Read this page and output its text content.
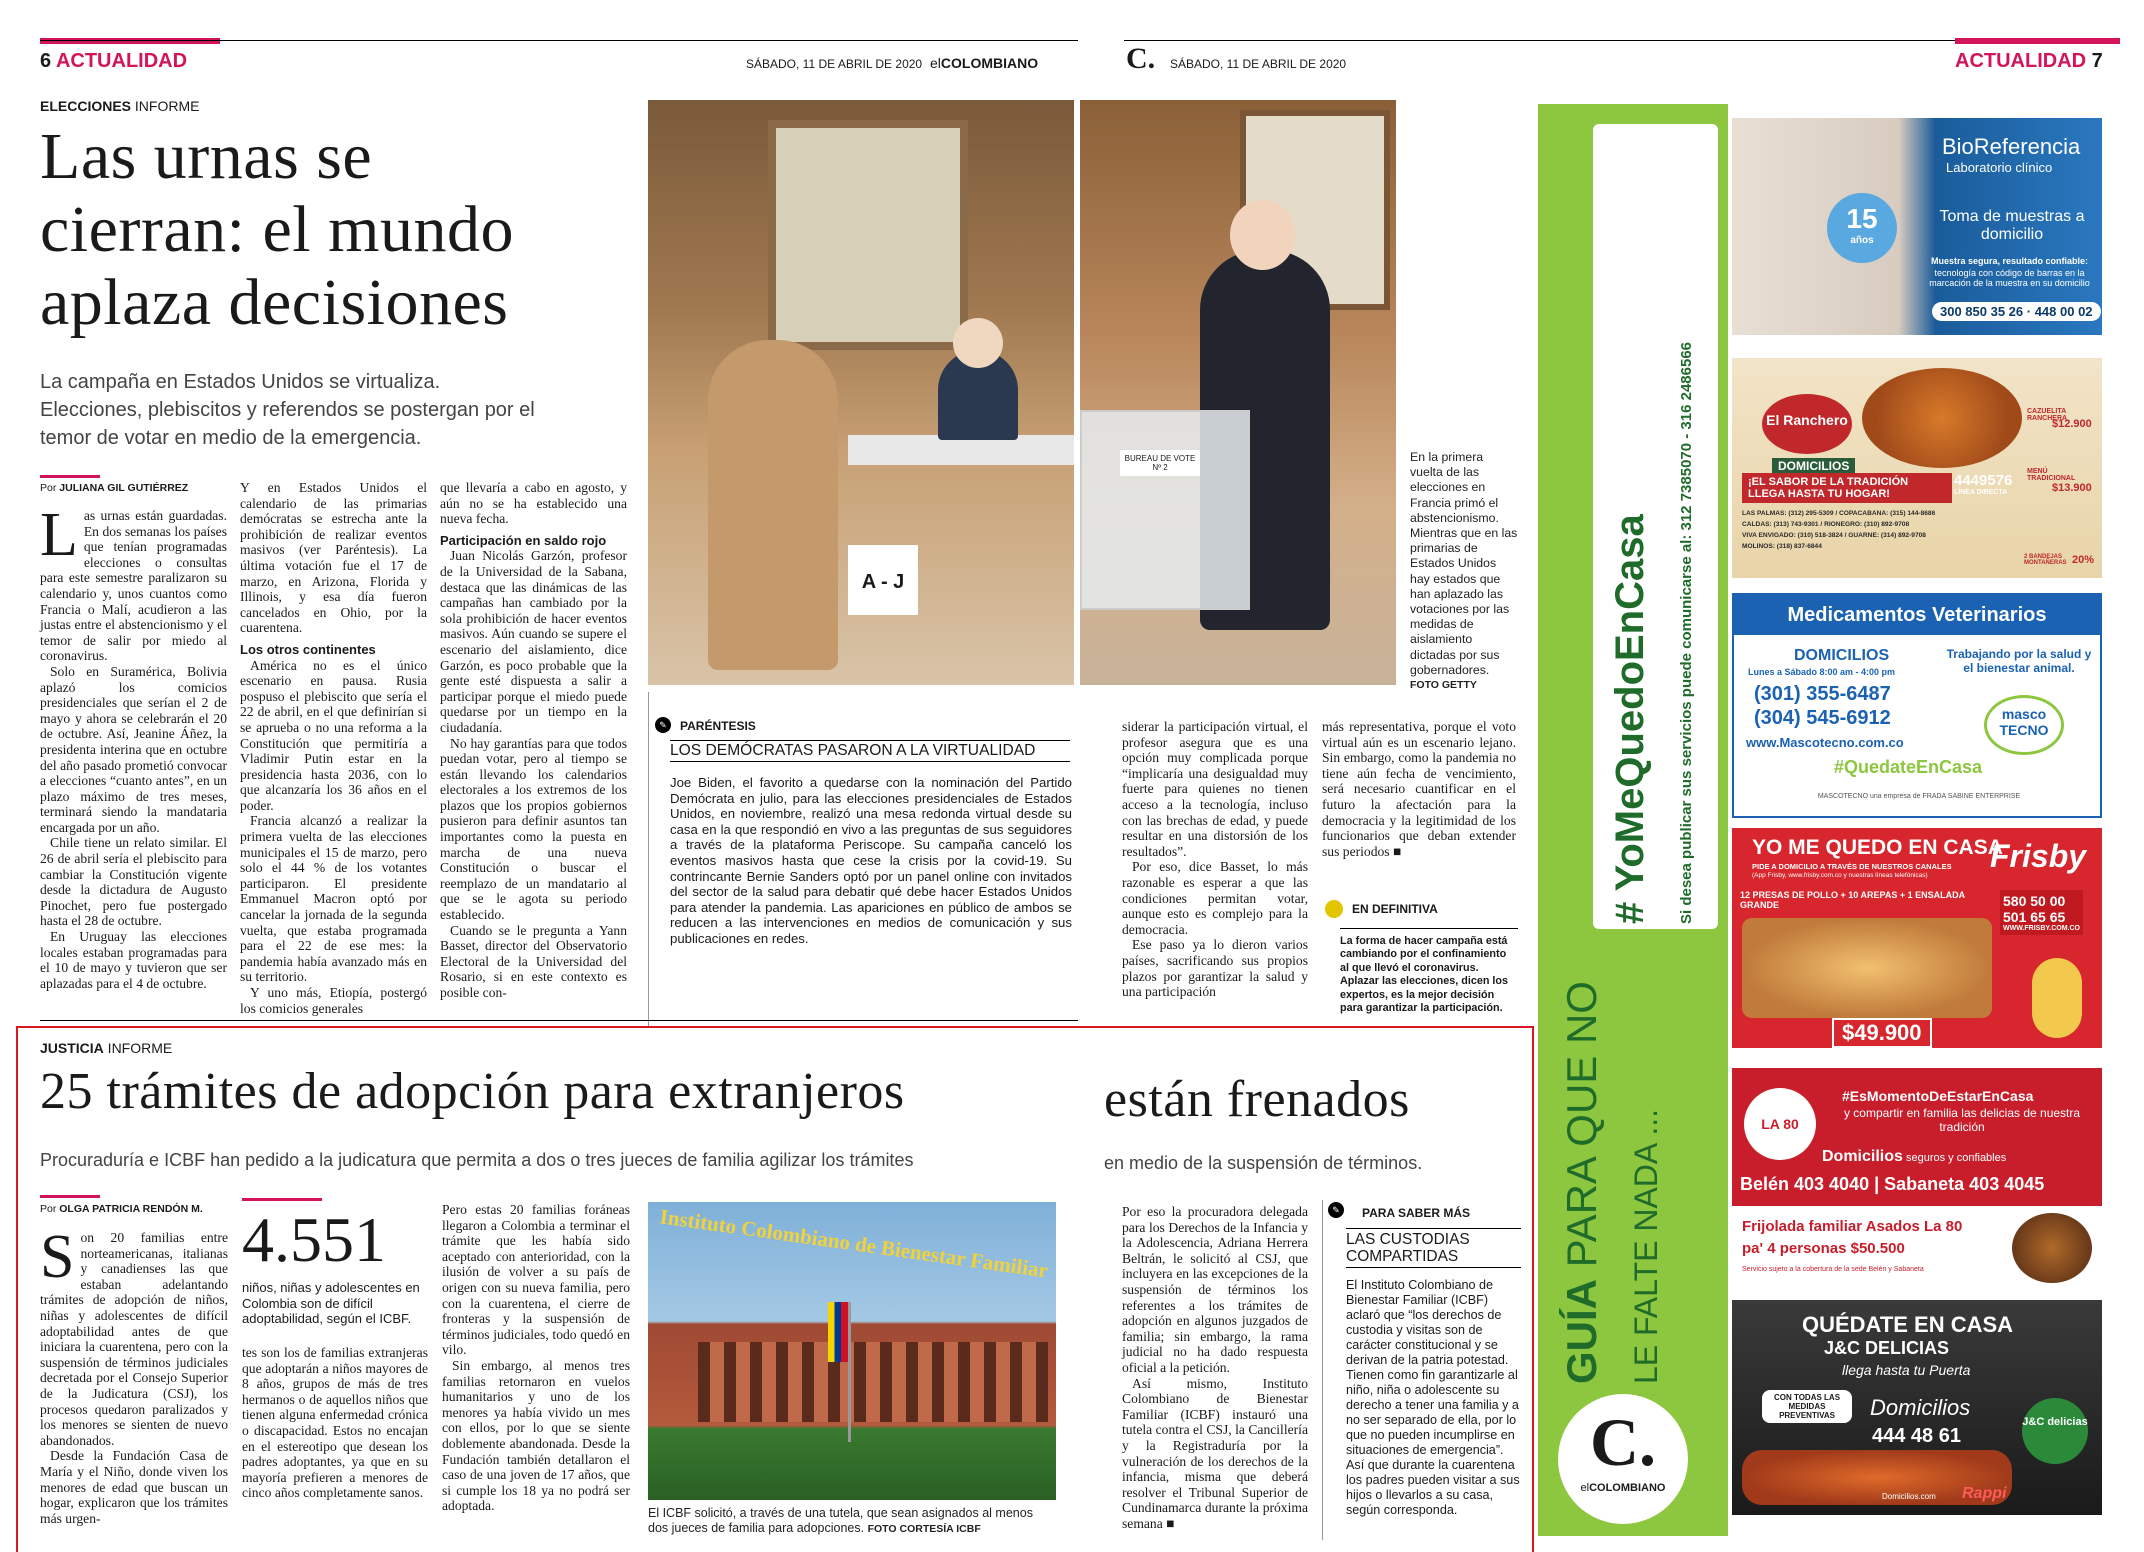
6 ACTUALIDAD	SÁBADO, 11 DE ABRIL DE 2020 elCOLOMBIANO	C. SÁBADO, 11 DE ABRIL DE 2020	ACTUALIDAD 7
ELECCIONES INFORME
Las urnas se
cierran: el mundo
aplaza decisiones
La campaña en Estados Unidos se virtualiza.
Elecciones, plebiscitos y referendos se postergan por el
temor de votar en medio de la emergencia.
Por JULIANA GIL GUTIÉRREZ

Las urnas están guardadas. En dos semanas los países que tenían programadas elecciones o consultas para este semestre paralizaron su calendario y, unos cuantos como Francia o Malí, acudieron a las justas entre el abstencionismo y el temor de salir por miedo al coronavirus.

Solo en Suramérica, Bolivia aplazó los comicios presidenciales que serían el 2 de mayo y ahora se celebrarán el 20 de octubre. Así, Jeanine Áñez, la presidenta interina que en octubre del año pasado prometió convocar a elecciones “cuanto antes”, en un plazo máximo de tres meses, terminará siendo la mandataria encargada por un año.

Chile tiene un relato similar. El 26 de abril sería el plebiscito para cambiar la Constitución vigente desde la dictadura de Augusto Pinochet, pero fue postergado hasta el 28 de octubre.

En Uruguay las elecciones locales estaban programadas para el 10 de mayo y tuvieron que ser aplazadas para el 4 de octubre.

Y en Estados Unidos el calendario de las primarias demócratas se estrecha ante la prohibición de realizar eventos masivos (ver Paréntesis). La última votación fue el 17 de marzo, en Arizona, Florida y Illinois, y esa día fueron cancelados en Ohio, por la cuarentena.

Los otros continentes

América no es el único escenario en pausa. Rusia pospuso el plebiscito que sería el 22 de abril, en el que definirían si se aprueba o no una reforma a la Constitución que permitiría a Vladimir Putin estar en la presidencia hasta 2036, con lo que alcanzaría los 36 años en el poder.

Francia alcanzó a realizar la primera vuelta de las elecciones municipales el 15 de marzo, pero solo el 44 % de los votantes participaron. El presidente Emmanuel Macron optó por cancelar la jornada de la segunda vuelta, que estaba programada para el 22 de ese mes: la pandemia había avanzado más en su territorio.

Y uno más, Etiopía, postergó los comicios generales

que llevaría a cabo en agosto, y aún no se ha establecido una nueva fecha.

Participación en saldo rojo

Juan Nicolás Garzón, profesor de la Universidad de la Sabana, destaca que las dinámicas de las campañas han cambiado por la sola prohibición de hacer eventos masivos. Aún cuando se supere el escenario del aislamiento, dice Garzón, es poco probable que la gente esté dispuesta a salir a participar porque el miedo puede quedarse por un tiempo en la ciudadanía.

No hay garantías para que todos puedan votar, pero al tiempo se están llevando los calendarios electorales a los extremos de los plazos que los propios gobiernos pusieron para definir asuntos tan importantes como la puesta en marcha de una nueva Constitución o buscar el reemplazo de un mandatario al que se le agota su periodo establecido.

Cuando se le pregunta a Yann Basset, director del Observatorio Electoral de la Universidad del Rosario, si en este contexto es posible con-

A - J
BUREAU DE VOTE Nº 2
En la primera vuelta de las elecciones en Francia primó el abstencionismo. Mientras que en las primarias de Estados Unidos hay estados que han aplazado las votaciones por las medidas de aislamiento dictadas por sus gobernadores.
FOTO GETTY
✎	PARÉNTESIS
LOS DEMÓCRATAS PASARON A LA VIRTUALIDAD
Joe Biden, el favorito a quedarse con la nominación del Partido Demócrata en julio, para las elecciones presidenciales de Estados Unidos, en noviembre, realizó una mesa redonda virtual desde su casa en la que respondió en vivo a las preguntas de sus seguidores a través de la plataforma Periscope. Su campaña canceló los eventos masivos hasta que cese la crisis por la covid-19. Su contrincante Bernie Sanders optó por un panel online con invitados del sector de la salud para debatir qué debe hacer Estados Unidos para atender la pandemia. Las apariciones en público de ambos se reducen a las intervenciones en medios de comunicación y sus publicaciones en redes.

siderar la participación virtual, el profesor asegura que es una opción muy complicada porque “implicaría una desigualdad muy fuerte para quienes no tienen acceso a la tecnología, incluso con las brechas de edad, y puede resultar en una distorsión de los resultados”.

Por eso, dice Basset, lo más razonable es esperar a que las condiciones permitan votar, aunque esto es complejo para la democracia.

Ese paso ya lo dieron varios países, sacrificando sus propios plazos por garantizar la salud y una participación

más representativa, porque el voto virtual aún es un escenario lejano. Sin embargo, como la pandemia no tiene aún fecha de vencimiento, será necesario cuantificar en el futuro la afectación para la democracia y la legitimidad de los funcionarios que deban extender sus periodos ■

EN DEFINITIVA
La forma de hacer campaña está cambiando por el confinamiento al que llevó el coronavirus. Aplazar las elecciones, dicen los expertos, es la mejor decisión para garantizar la participación.
JUSTICIA INFORME
25 trámites de adopción para extranjeros	están frenados
Procuraduría e ICBF han pedido a la judicatura que permita a dos o tres jueces de familia agilizar los trámites	en medio de la suspensión de términos.
Por OLGA PATRICIA RENDÓN M.

Son 20 familias entre norteamericanas, italianas y canadienses las que estaban adelantando trámites de adopción de niños, niñas y adolescentes de difícil adoptabilidad antes de que iniciara la cuarentena, pero con la suspensión de términos judiciales decretada por el Consejo Superior de la Judicatura (CSJ), los procesos quedaron paralizados y los menores se sienten de nuevo abandonados.

Desde la Fundación Casa de María y el Niño, donde viven los menores de edad que buscan un hogar, explicaron que los trámites más urgen-

4.551
niños, niñas y adolescentes en Colombia son de difícil adoptabilidad, según el ICBF.

tes son los de familias extranjeras que adoptarán a niños mayores de 8 años, grupos de más de tres hermanos o de aquellos niños que tienen alguna enfermedad crónica o discapacidad. Estos no encajan en el estereotipo que desean los padres adoptantes, ya que en su mayoría prefieren a menores de cinco años completamente sanos.

Pero estas 20 familias foráneas llegaron a Colombia a terminar el trámite que les había sido aceptado con anterioridad, con la ilusión de volver a su país de origen con su nueva familia, pero con la cuarentena, el cierre de fronteras y la suspensión de términos judiciales, todo quedó en vilo.

Sin embargo, al menos tres familias retornaron en vuelos humanitarios y uno de los menores ya había vivido un mes con ellos, por lo que se siente doblemente abandonada. Desde la Fundación también detallaron el caso de una joven de 17 años, que si cumple los 18 ya no podrá ser adoptada.

Instituto Colombiano de Bienestar Familiar
El ICBF solicitó, a través de una tutela, que sean asignados al menos dos jueces de familia para adopciones. FOTO CORTESÍA ICBF

Por eso la procuradora delegada para los Derechos de la Infancia y la Adolescencia, Adriana Herrera Beltrán, le solicitó al CSJ, que incluyera en las excepciones de la suspensión de términos los referentes a los trámites de adopción en algunos juzgados de familia; sin embargo, la rama judicial no ha dado respuesta oficial a la petición.

Así mismo, Instituto Colombiano de Bienestar Familiar (ICBF) instauró una tutela contra el CSJ, la Cancillería y la Registraduría por la vulneración de los derechos de la infancia, misma que deberá resolver el Tribunal Superior de Cundinamarca durante la próxima semana ■

✎	PARA SABER MÁS
LAS CUSTODIAS COMPARTIDAS
El Instituto Colombiano de Bienestar Familiar (ICBF) aclaró que “los derechos de custodia y visitas son de carácter constitucional y se derivan de la patria potestad. Tienen como fin garantizarle al niño, niña o adolescente su derecho a tener una familia y a no ser separado de ella, por lo que no pueden incumplirse en situaciones de emergencia”. Así que durante la cuarentena los padres pueden visitar a sus hijos o llevarlos a su casa, según corresponda.
# YoMeQuedoEnCasa Si desea publicar sus servicios puede comunicarse al: 312 7385070 - 316 2486566
GUÍA PARA QUE NO LE FALTE NADA ...
C.
elCOLOMBIANO
BioReferencia
Laboratorio clínico
15
años
Toma de muestras a domicilio
Muestra segura, resultado confiable:
tecnología con código de barras en la marcación de la muestra en su domicilio
300 850 35 26 · 448 00 02
El Ranchero
DOMICILIOS
CAZUELITA RANCHERA
$12.900
MENÚ TRADICIONAL
$13.900
2 BANDEJAS MONTAÑERAS 20%
¡EL SABOR DE LA TRADICIÓN LLEGA HASTA TU HOGAR!
4449576
LÍNEA DIRECTA
LAS PALMAS: (312) 295-5309 / COPACABANA: (315) 144-8686
CALDAS: (313) 743-9301 / RIONEGRO: (310) 892-9708
VIVA ENVIGADO: (310) 518-3824 / GUARNE: (314) 892-9708
MOLINOS: (318) 837-6844
Medicamentos Veterinarios
DOMICILIOS
Lunes a Sábado 8:00 am - 4:00 pm
(301) 355-6487
(304) 545-6912
www.Mascotecno.com.co
Trabajando por la salud y el bienestar animal.
masco
TECNO
#QuedateEnCasa
MASCOTECNO una empresa de FRADA SABINE ENTERPRISE
YO ME QUEDO EN CASA
PIDE A DOMICILIO A TRAVÉS DE NUESTROS CANALES
(App Frisby, www.frisby.com.co y nuestras líneas telefónicas)
Frisby
12 PRESAS DE POLLO + 10 AREPAS + 1 ENSALADA GRANDE	580 50 00
501 65 65
WWW.FRISBY.COM.CO
$49.900
LA 80
#EsMomentoDeEstarEnCasa
y compartir en familia las delicias de nuestra tradición
Domicilios seguros y confiables
Belén 403 4040 | Sabaneta 403 4045
Frijolada familiar Asados La 80
pa' 4 personas $50.500
Servicio sujeto a la cobertura de la sede Belén y Sabaneta
QUÉDATE EN CASA
J&C DELICIAS
llega hasta tu Puerta
CON TODAS LAS MEDIDAS PREVENTIVAS	Domicilios
444 48 61
J&C delicias
Domicilios.com Rappi
